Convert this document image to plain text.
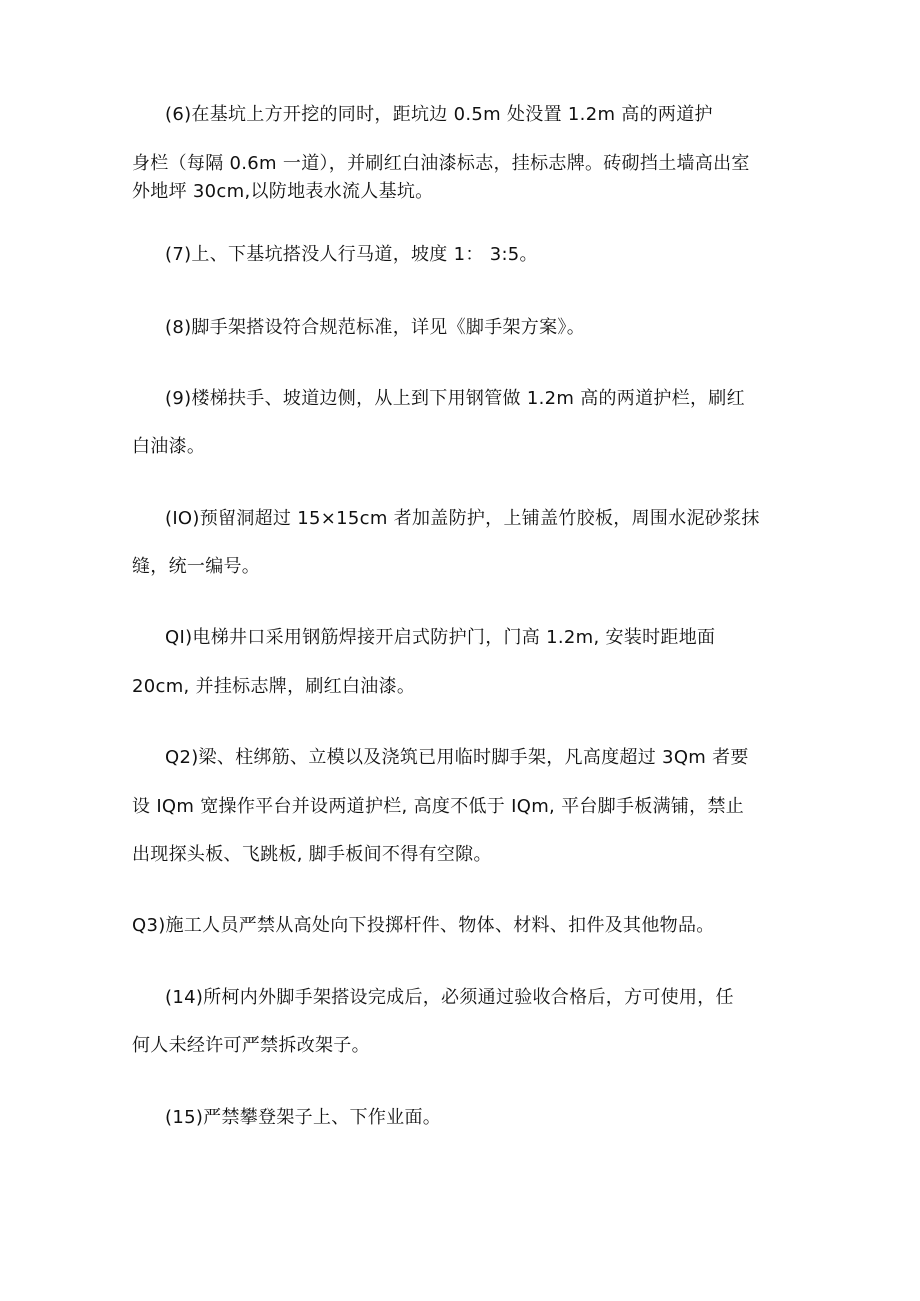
(6)在基坑上方开挖的同时，距坑边 0.5m 处没置 1.2m 高的两道护
身栏（每隔 0.6m 一道），并刷红白油漆标志，挂标志牌。砖砌挡土墙高出室
外地坪 30cm,以防地表水流人基坑。
(7)上、下基坑搭没人行马道，坡度 1： 3:5。
(8)脚手架搭设符合规范标准，详见《脚手架方案》。
(9)楼梯扶手、坡道边侧，从上到下用钢管做 1.2m 高的两道护栏，刷红
白油漆。
(IO)预留洞超过 15×15cm 者加盖防护，上铺盖竹胶板，周围水泥砂浆抹
缝，统一编号。
QI)电梯井口采用钢筋焊接开启式防护门，门高 1.2m, 安装时距地面
20cm, 并挂标志牌，刷红白油漆。
Q2)梁、柱绑筋、立模以及浇筑已用临时脚手架，凡高度超过 3Qm 者要
设 IQm 宽操作平台并设两道护栏, 高度不低于 IQm, 平台脚手板满铺，禁止
出现探头板、飞跳板, 脚手板间不得有空隙。
Q3)施工人员严禁从高处向下投掷杆件、物体、材料、扣件及其他物品。
(14)所柯内外脚手架搭设完成后，必须通过验收合格后，方可使用，任
何人未经许可严禁拆改架子。
(15)严禁攀登架子上、下作业面。
